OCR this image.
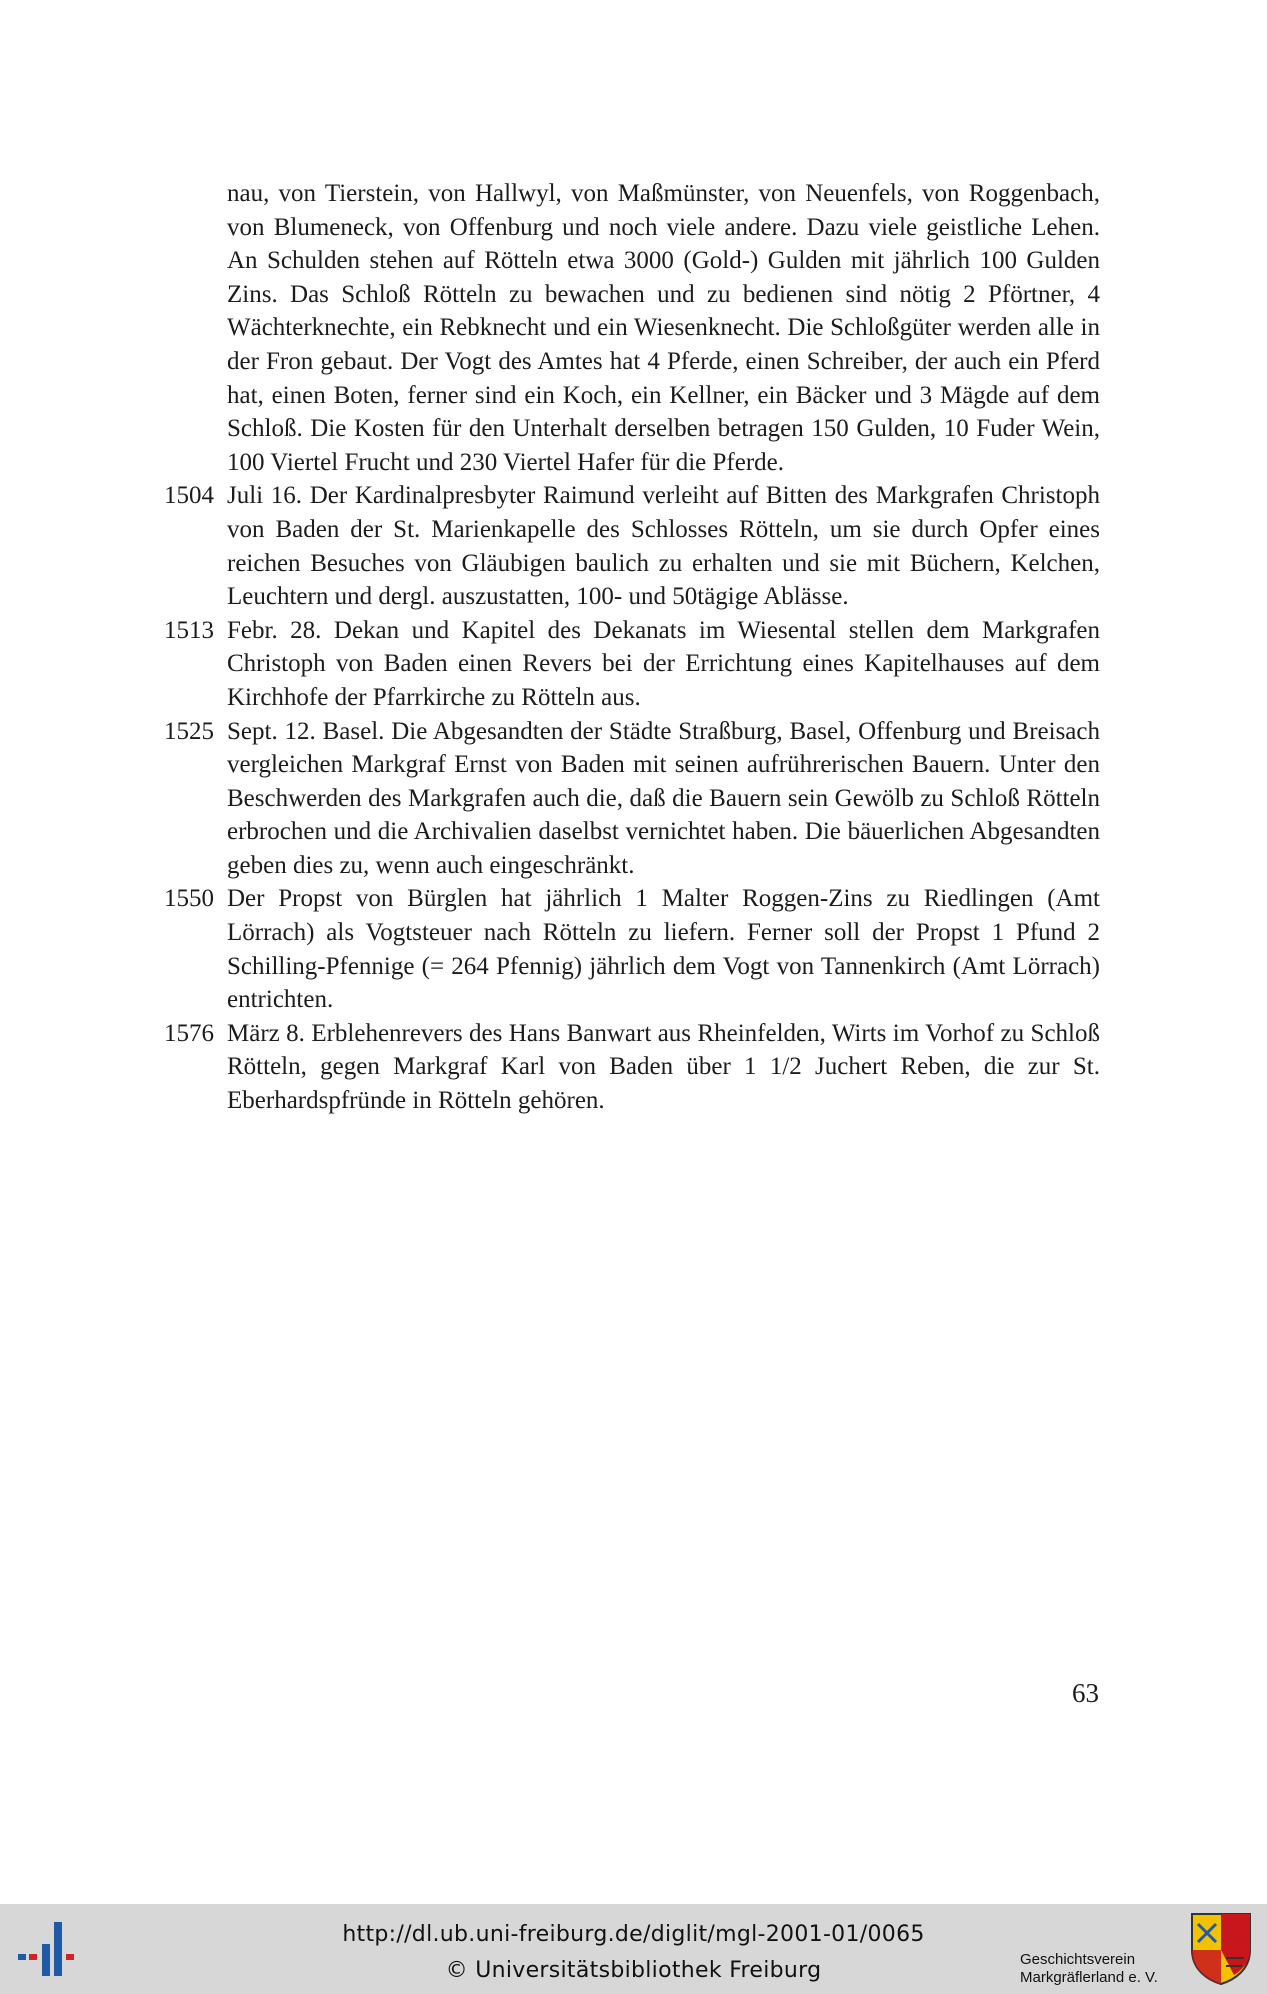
nau, von Tierstein, von Hallwyl, von Maßmünster, von Neuenfels, von Roggenbach, von Blumeneck, von Offenburg und noch viele andere. Dazu viele geistliche Lehen. An Schulden stehen auf Rötteln etwa 3000 (Gold-) Gulden mit jährlich 100 Gulden Zins. Das Schloß Rötteln zu bewachen und zu bedienen sind nötig 2 Pförtner, 4 Wächterknechte, ein Rebknecht und ein Wiesenknecht. Die Schloßgüter werden alle in der Fron gebaut. Der Vogt des Amtes hat 4 Pferde, einen Schreiber, der auch ein Pferd hat, einen Boten, ferner sind ein Koch, ein Kellner, ein Bäcker und 3 Mägde auf dem Schloß. Die Kosten für den Unterhalt derselben betragen 150 Gulden, 10 Fuder Wein, 100 Viertel Frucht und 230 Viertel Hafer für die Pferde.

1504 Juli 16. Der Kardinalpresbyter Raimund verleiht auf Bitten des Markgrafen Christoph von Baden der St. Marienkapelle des Schlosses Rötteln, um sie durch Opfer eines reichen Besuches von Gläubigen baulich zu erhalten und sie mit Büchern, Kelchen, Leuchtern und dergl. auszustatten, 100- und 50tägige Ablässe.

1513 Febr. 28. Dekan und Kapitel des Dekanats im Wiesental stellen dem Markgrafen Christoph von Baden einen Revers bei der Errichtung eines Kapitelhauses auf dem Kirchhofe der Pfarrkirche zu Rötteln aus.

1525 Sept. 12. Basel. Die Abgesandten der Städte Straßburg, Basel, Offenburg und Breisach vergleichen Markgraf Ernst von Baden mit seinen aufrührerischen Bauern. Unter den Beschwerden des Markgrafen auch die, daß die Bauern sein Gewölb zu Schloß Rötteln erbrochen und die Archivalien daselbst vernichtet haben. Die bäuerlichen Abgesandten geben dies zu, wenn auch eingeschränkt.

1550 Der Propst von Bürglen hat jährlich 1 Malter Roggen-Zins zu Riedlingen (Amt Lörrach) als Vogtsteuer nach Rötteln zu liefern. Ferner soll der Propst 1 Pfund 2 Schilling-Pfennige (= 264 Pfennig) jährlich dem Vogt von Tannenkirch (Amt Lörrach) entrichten.

1576 März 8. Erblehenrevers des Hans Banwart aus Rheinfelden, Wirts im Vorhof zu Schloß Rötteln, gegen Markgraf Karl von Baden über 1 1/2 Juchert Reben, die zur St. Eberhardspfründe in Rötteln gehören.

63
http://dl.ub.uni-freiburg.de/diglit/mgl-2001-01/0065
© Universitätsbibliothek Freiburg	Geschichtsverein
Markgräflerland e. V.
